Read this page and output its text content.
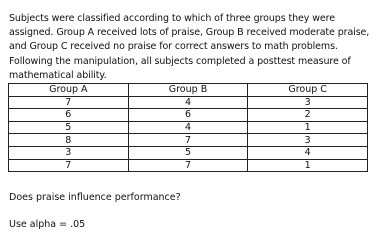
Subjects were classified according to which of three groups they were
assigned. Group A received lots of praise, Group B received moderate praise,
and Group C received no praise for correct answers to math problems.
Following the manipulation, all subjects completed a posttest measure of
mathematical ability.

Group A	Group B	Group C
7	4	3
6	6	2
5	4	1
8	7	3
3	5	4
7	7	1

Does praise influence performance?

Use alpha = .05
